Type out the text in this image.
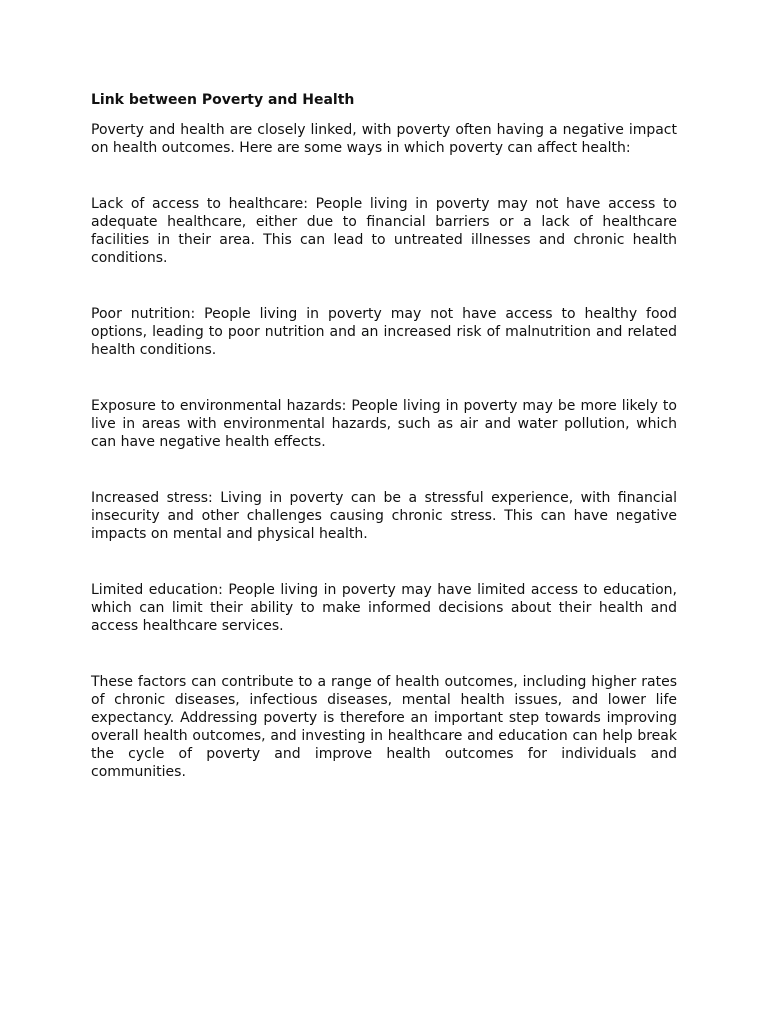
Link between Poverty and Health

Poverty and health are closely linked, with poverty often having a negative impact on health outcomes. Here are some ways in which poverty can affect health:

Lack of access to healthcare: People living in poverty may not have access to adequate healthcare, either due to financial barriers or a lack of healthcare facilities in their area. This can lead to untreated illnesses and chronic health conditions.

Poor nutrition: People living in poverty may not have access to healthy food options, leading to poor nutrition and an increased risk of malnutrition and related health conditions.

Exposure to environmental hazards: People living in poverty may be more likely to live in areas with environmental hazards, such as air and water pollution, which can have negative health effects.

Increased stress: Living in poverty can be a stressful experience, with financial insecurity and other challenges causing chronic stress. This can have negative impacts on mental and physical health.

Limited education: People living in poverty may have limited access to education, which can limit their ability to make informed decisions about their health and access healthcare services.

These factors can contribute to a range of health outcomes, including higher rates of chronic diseases, infectious diseases, mental health issues, and lower life expectancy. Addressing poverty is therefore an important step towards improving overall health outcomes, and investing in healthcare and education can help break the cycle of poverty and improve health outcomes for individuals and communities.
